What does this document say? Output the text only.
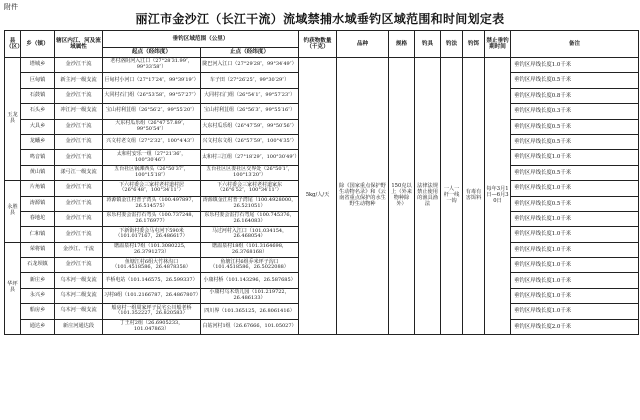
附件
丽江市金沙江（长江干流）流域禁捕水域垂钓区域范围和时间划定表
县（区）	乡（镇）	辖区内江、河及流域属性	垂钓区域范围（公里）		钓获物数量（千克）	品种	规格	钓具	钓法	钓饵	禁止垂钓期时间	备注
			起点（经纬度）	止点（经纬度）								
玉龙县	塔城乡	金沙江干流	老村洛阴河入江口（27°28′31.99″，99°33′58″）	陇巴河入江口（27°29′28″，99°34′49″）	5kg/人/天	除《国家重点保护野生动物名录》和《云南省重点保护的水生野生动物种	150克以上（外来物种除外）	法律法规禁止使用的渔具渔法	一人一杆一线一钩	有毒有害饵料	每年3月1日—6月30日	垂钓区岸线长度1.0千米
	巨甸镇	新主河一级支流	巨甸村小河口（27°17′24″，99°39′19″）	车子田（27°26′25″，99°30′29″）								垂钓区岸线长度0.5千米
	石鼓镇	金沙江干流	大同村石门组（26°53′58″，99°57′27″）	大同村石门组（26°54′1″，99°57′23″）								垂钓区岸线长度0.8千米
	石头乡	冲江河一级支流	宝山村利苴组（26°56′2″，99°55′20″）	宝山村利苴组（26°56′3″，99°55′16″）								垂钓区岸线长度0.3千米
	大具乡	金沙江干流	大东村瓜乐组（26°47′57.89″，99°50′54″）	大东村瓜乐组（26°47′59″，99°50′56″）								垂钓区岸线长度0.5千米
	龙蟠乡	金沙江干流	兴文村老文组（27°2′32″，100°4′43″）	兴文村东文组（26°57′59″，100°4′35″）								垂钓区岸线长度0.5千米
	鸣音镇	金沙江干流	太和村安乐一组（27°21′36″，100°30′46″）	太和村三江组（27°18′29″，100°30′49″）								垂钓区岸线长度1.0千米
	黄山镇	漾弓江一级支流	五台社区锅滩西头（26°50′37″，100°15′18″）	五台社区区委社区交界处（26°50′1″，100°13′20″）								垂钓区岸线长度0.5千米
永胜县	片角镇	金沙江干流	下六村委会三家村老村道村居（26°6′48″，100°34′11″）	下六村委会三家村老村道家东（26°6′52″，100°34′11″）								垂钓区岸线长度1.0千米
	涛源镇	金沙江干流	涛源镇金江村普子湾头（100.497897，26.514575）	涛源镇金江村普子湾尾（100.4928000，26.521051）								垂钓区岸线长度0.5千米
	春地坨	金沙江干流	东乐村委会雷打石弯头（100.737248，26.176977）	东乐村委会雷打石弯尾（100.745376，26.164083）								垂钓区岸线长度1.0千米
	仁和镇	金沙江干流	下新街村委会马屯河下590米（101.017167，26.486617）	马过河村入江口（101.034154，26.468054）								垂钓区岸线长度1.0千米
华坪县	荣将镇	金沙江、干流	磨温泉村17组（101.3080225，26.3791273）	磨温泉村18组（101.3164698，26.3768168）								垂钓区岸线长度1.0千米
	石龙坝镇	金沙江干流	鱼塘江村6组大竹林沟口（101.4518586，26.4878358）	鱼塘江村6组乔米坪子沟口（101.4518586，26.5022088）								垂钓区岸线长度1.0千米
	新庄乡	乌木河一级支流	羊桥电站（101.146575，26.599337）	小康村桥（101.143296，26.587685）								垂钓区岸线长度1.0千米
	永兴乡	乌木河二级支流	习村8组（101.2166787，26.4867807）	小康村乌木幼儿园（101.219722，26.486133）								垂钓区岸线长度1.0千米
	船房乡	乌木河一级支流	船房村一组周家坪子民宅公川船老桥（101.352227，26.820583）	四川界（101.365125，26.8061416）								垂钓区岸线长度1.0千米
	通达乡	新庄河通达段	丁王村2组（26.6905233，101.047863）	白姑河村1组（26.67666，101.05027）								垂钓区岸线长度2.0千米
